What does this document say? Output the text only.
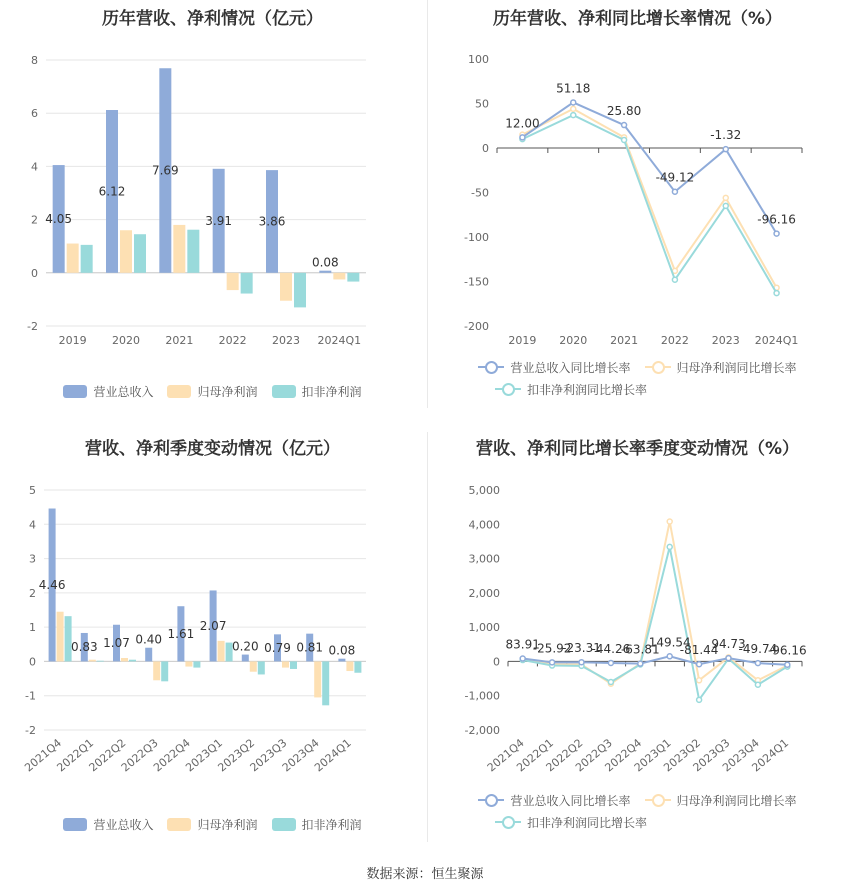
历年营收、净利情况（亿元）
-2
0
2
4
6
8
2019 2020 2021 2022 2023 2024Q1
4.05
6.12
7.69
3.91 3.86
0.08
营业总收入	归母净利润	扣非净利润
历年营收、净利同比增长率情况（%）
-200
-150
-100
-50
0
50
100
2019 2020 2021 2022 2023 2024Q1
12.00
51.18
25.80
-49.12
-1.32
-96.16
营业总收入同比增长率	归母净利润同比增长率
扣非净利润同比增长率
营收、净利季度变动情况（亿元）
-2
-1
0
1
2
3
4
5
2021Q4
2022Q1
2022Q2
2022Q3
2022Q4
2023Q1
2023Q2
2023Q3
2023Q4
2024Q1
4.46
0.83 1.07 0.40 1.61
2.07
0.20 0.79 0.81 0.08
营业总收入	归母净利润	扣非净利润
营收、净利同比增长率季度变动情况（%）
-2,000
-1,000
0
1,000
2,000
3,000
4,000
5,000
2021Q4
2022Q1
2022Q2
2022Q3
2022Q4
2023Q1
2023Q2
2023Q3
2023Q4
2024Q1
83.91
-25.92
-23.31
-44.26
-63.81
149.54
-81.44
94.73
-49.74
-96.16
营业总收入同比增长率	归母净利润同比增长率
扣非净利润同比增长率
数据来源：恒生聚源
